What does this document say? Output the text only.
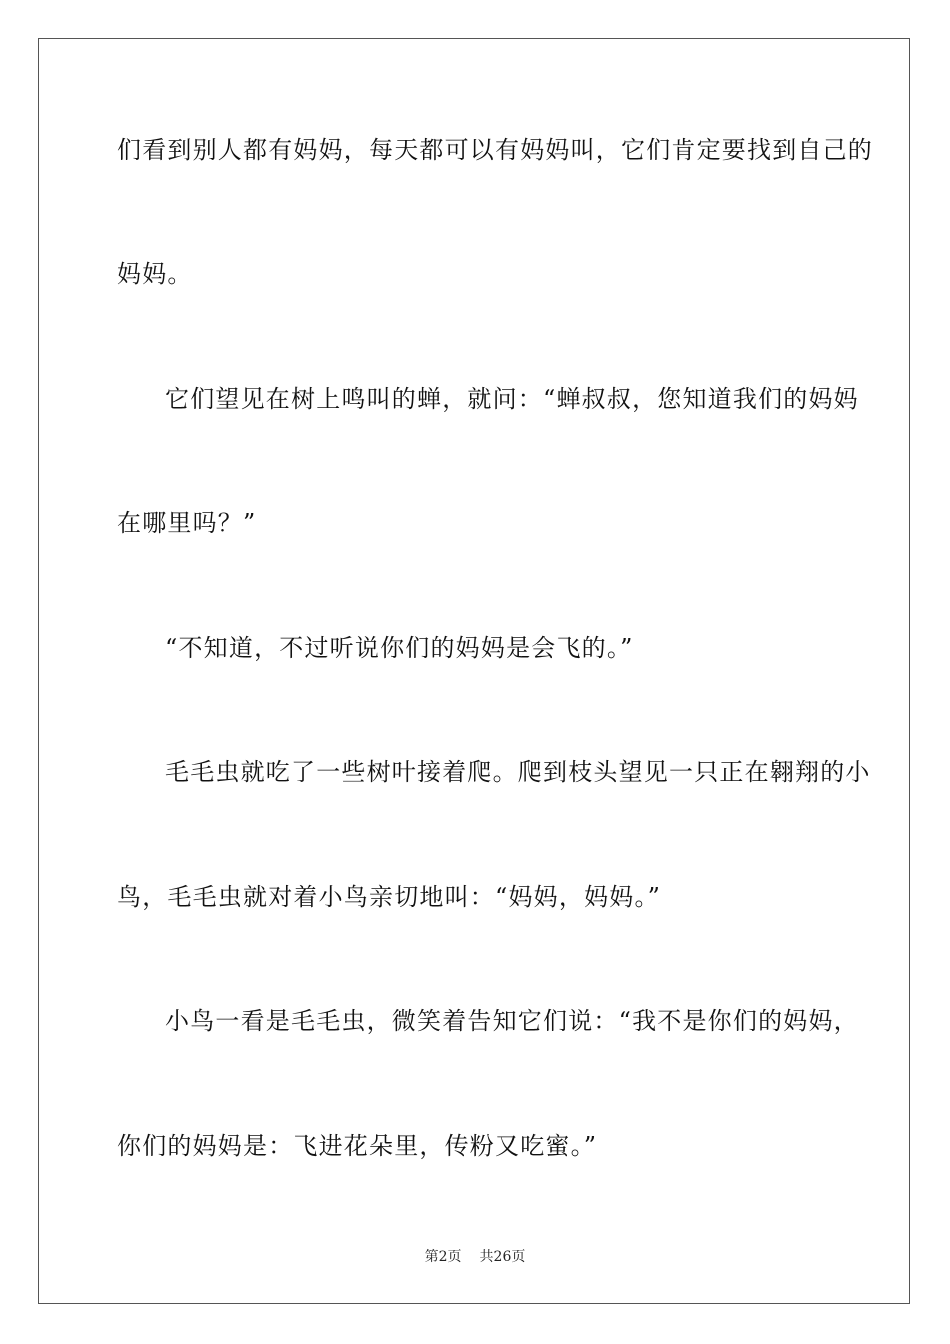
们看到别人都有妈妈，每天都可以有妈妈叫，它们肯定要找到自己的
妈妈。
它们望见在树上鸣叫的蝉，就问：“蝉叔叔，您知道我们的妈妈
在哪里吗？”
“不知道，不过听说你们的妈妈是会飞的。”
毛毛虫就吃了一些树叶接着爬。爬到枝头望见一只正在翱翔的小
鸟，毛毛虫就对着小鸟亲切地叫：“妈妈，妈妈。”
小鸟一看是毛毛虫，微笑着告知它们说：“我不是你们的妈妈，
你们的妈妈是：飞进花朵里，传粉又吃蜜。”
第2页 共26页
